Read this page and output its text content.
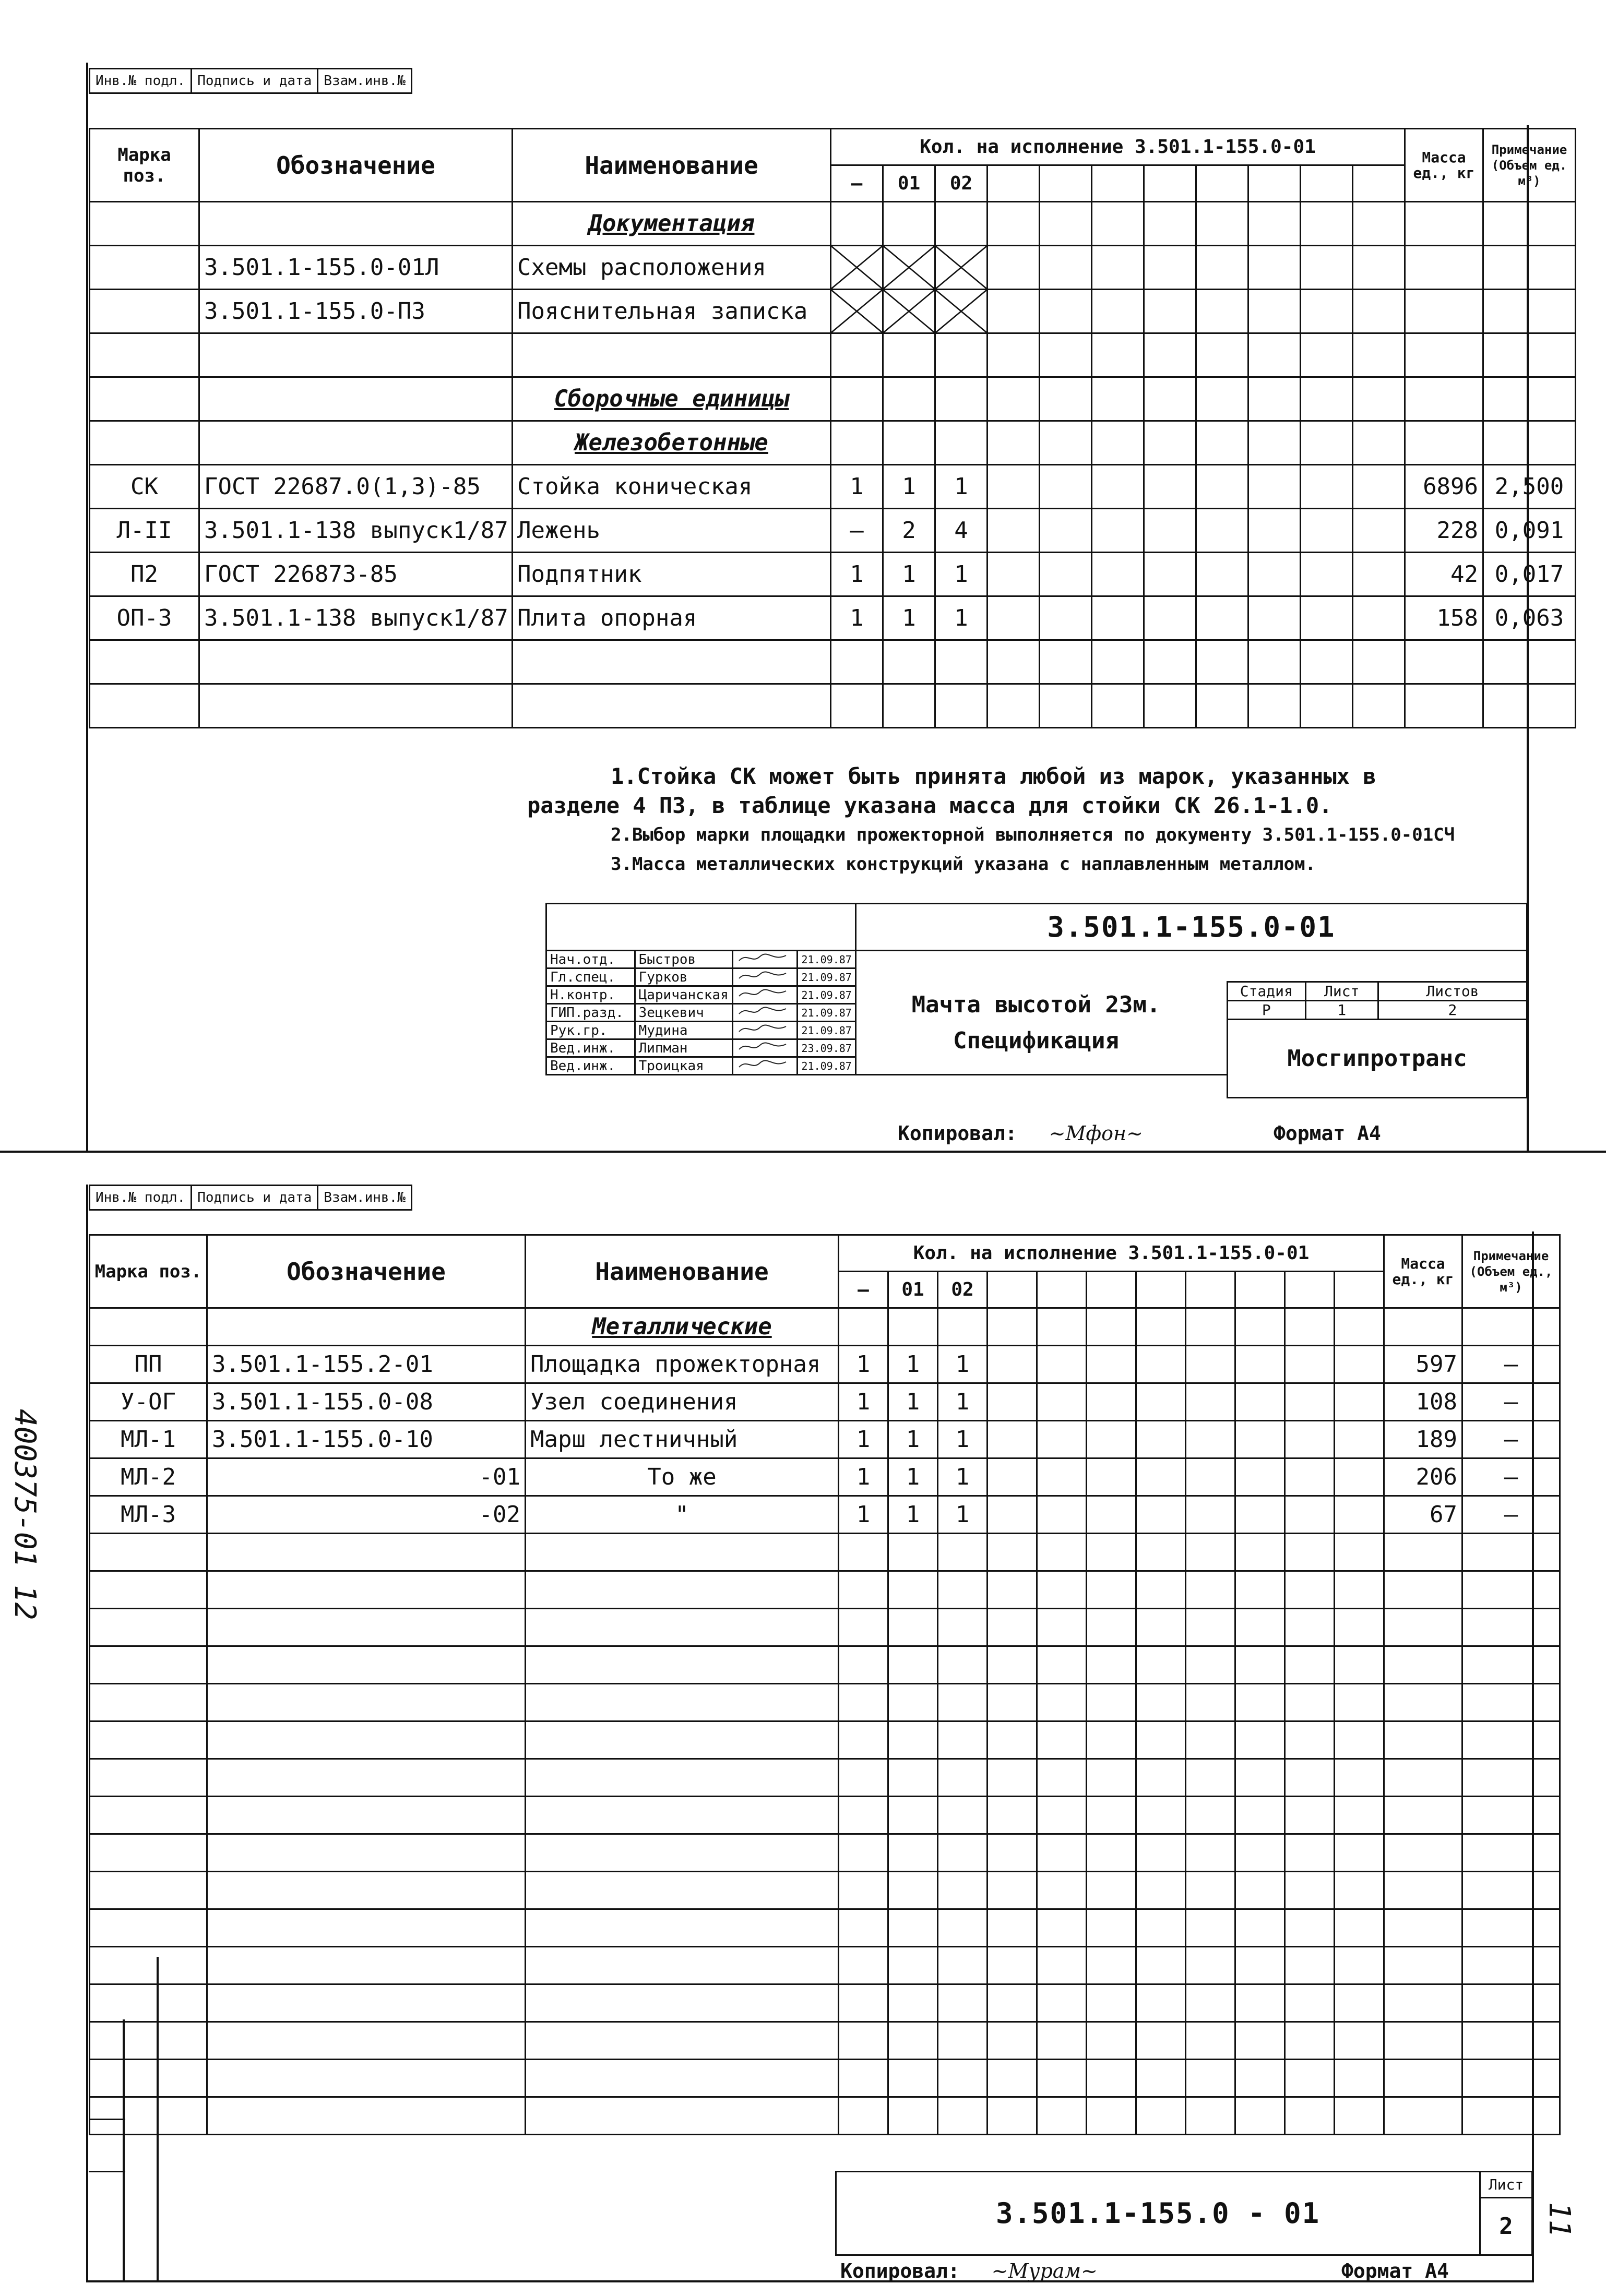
Инв.№ подл.	Подпись и дата	Взам.инв.№
Марка поз.	Обозначение	Наименование	Кол. на исполнение 3.501.1-155.0-01											Масса ед., кг	Примечание (Объем ед. м³)
			—	01	02										
		Документация													
	3.501.1-155.0-01Л	Схемы расположения	

	3.501.1-155.0-ПЗ	Пояснительная записка	

		Сборочные единицы													
		Железобетонные													
СК	ГОСТ 22687.0(1,3)-85	Стойка коническая	1	1	1									6896	2,500
Л-II	3.501.1-138 выпуск1/87	Лежень	—	2	4									228	0,091
П2	ГОСТ 226873-85	Подпятник	1	1	1									42	0,017
ОП-3	3.501.1-138 выпуск1/87	Плита опорная	1	1	1									158	0,063

1.Стойка СК может быть принята любой из марок, указанных в
разделе 4 ПЗ, в таблице указана масса для стойки СК 26.1-1.0.
2.Выбор марки площадки прожекторной выполняется по документу 3.501.1-155.0-01СЧ
3.Масса металлических конструкций указана с наплавленным металлом.
				3.501.1-155.0-01
Нач.отд.	Быстров		21.09.87	
Гл.спец.	Гурков		21.09.87	
Н.контр.	Царичанская		21.09.87	
ГИП.разд.	Зецкевич		21.09.87	
Рук.гр.	Мудина		21.09.87	
Вед.инж.	Липман		23.09.87	
Вед.инж.	Троицкая		21.09.87	
Мачта высотой 23м.
Спецификация
Стадия	Лист	Листов
Р	1	2
Мосгипротранс		
Копировал:  ~Мфон~	Формат А4
Инв.№ подл.	Подпись и дата	Взам.инв.№
Марка поз.	Обозначение	Наименование	Кол. на исполнение 3.501.1-155.0-01											Масса ед., кг	Примечание (Объем ед., м³)
			—	01	02										
		Металлические													
ПП	3.501.1-155.2-01	Площадка прожекторная	1	1	1									597	—
У-ОГ	3.501.1-155.0-08	Узел соединения	1	1	1									108	—
МЛ-1	3.501.1-155.0-10	Марш лестничный	1	1	1									189	—
МЛ-2	-01	То же	1	1	1									206	—
МЛ-3	-02	"	1	1	1									67	—

3.501.1-155.0 - 01	Лист
2
Копировал:  ~Мурам~	Формат А4
400375-01 12
11
